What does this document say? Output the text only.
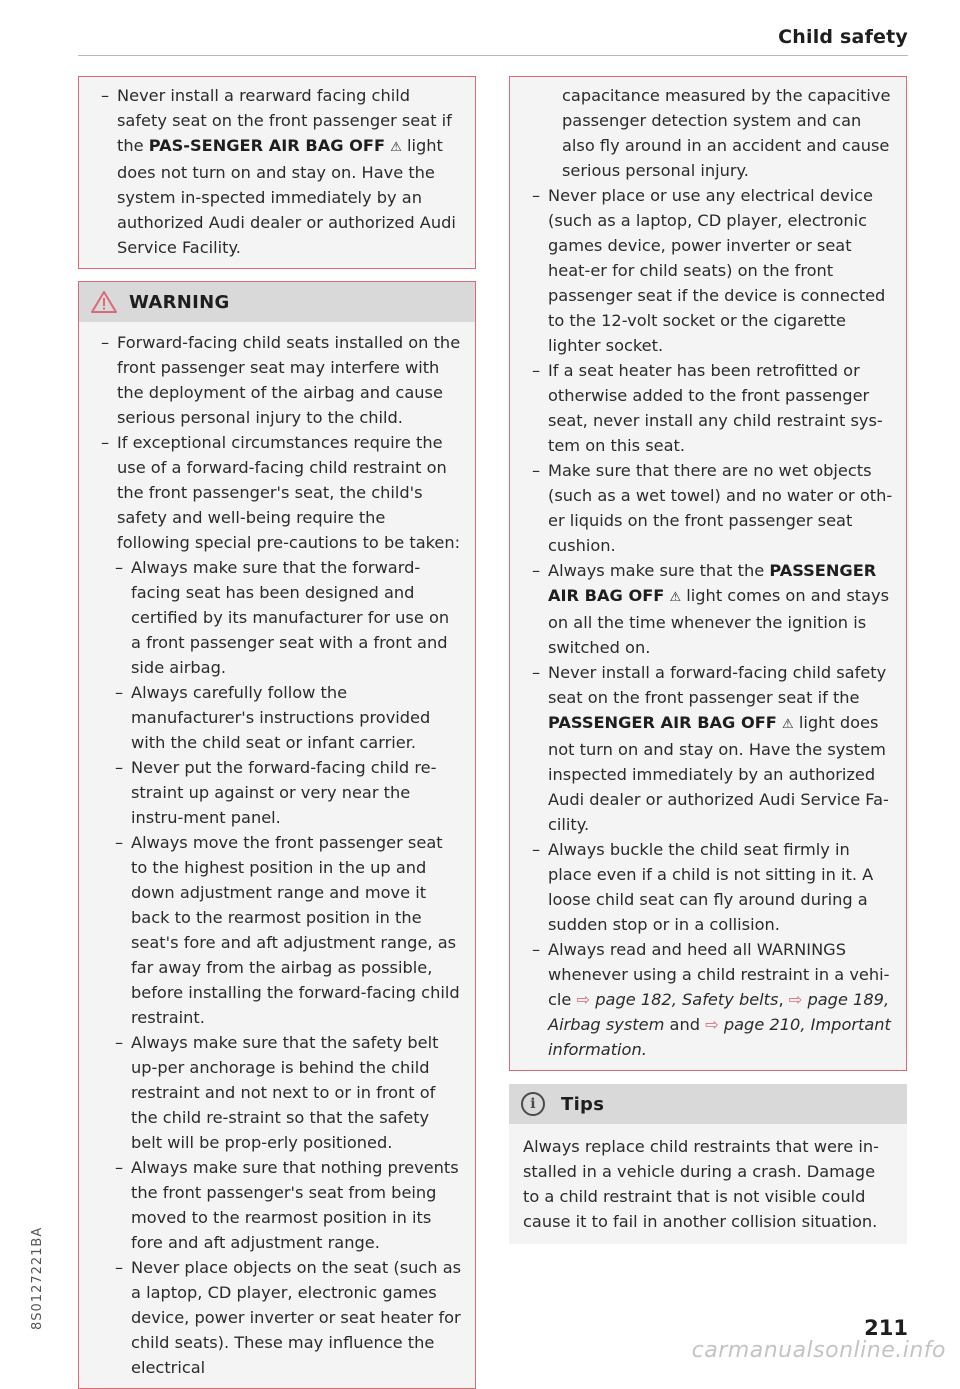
Child safety
– Never install a rearward facing child safety seat on the front passenger seat if the PAS-SENGER AIR BAG OFF ⚠ light does not turn on and stay on. Have the system in-spected immediately by an authorized Audi dealer or authorized Audi Service Facility.
WARNING
– Forward-facing child seats installed on the front passenger seat may interfere with the deployment of the airbag and cause serious personal injury to the child.
– If exceptional circumstances require the use of a forward-facing child restraint on the front passenger's seat, the child's safety and well-being require the following special pre-cautions to be taken:
– Always make sure that the forward-facing seat has been designed and certified by its manufacturer for use on a front passenger seat with a front and side airbag.
– Always carefully follow the manufacturer's instructions provided with the child seat or infant carrier.
– Never put the forward-facing child re-straint up against or very near the instru-ment panel.
– Always move the front passenger seat to the highest position in the up and down adjustment range and move it back to the rearmost position in the seat's fore and aft adjustment range, as far away from the airbag as possible, before installing the forward-facing child restraint.
– Always make sure that the safety belt up-per anchorage is behind the child restraint and not next to or in front of the child re-straint so that the safety belt will be prop-erly positioned.
– Always make sure that nothing prevents the front passenger's seat from being moved to the rearmost position in its fore and aft adjustment range.
– Never place objects on the seat (such as a laptop, CD player, electronic games device, power inverter or seat heater for child seats). These may influence the electrical
capacitance measured by the capacitive passenger detection system and can also fly around in an accident and cause serious personal injury.
– Never place or use any electrical device (such as a laptop, CD player, electronic games device, power inverter or seat heat-er for child seats) on the front passenger seat if the device is connected to the 12-volt socket or the cigarette lighter socket.
– If a seat heater has been retrofitted or otherwise added to the front passenger seat, never install any child restraint sys-tem on this seat.
– Make sure that there are no wet objects (such as a wet towel) and no water or oth-er liquids on the front passenger seat cushion.
– Always make sure that the PASSENGER AIR BAG OFF ⚠ light comes on and stays on all the time whenever the ignition is switched on.
– Never install a forward-facing child safety seat on the front passenger seat if the PASSENGER AIR BAG OFF ⚠ light does not turn on and stay on. Have the system inspected immediately by an authorized Audi dealer or authorized Audi Service Fa-cility.
– Always buckle the child seat firmly in place even if a child is not sitting in it. A loose child seat can fly around during a sudden stop or in a collision.
– Always read and heed all WARNINGS whenever using a child restraint in a vehi-cle ⇨ page 182, Safety belts, ⇨ page 189, Airbag system and ⇨ page 210, Important information.
i	Tips
Always replace child restraints that were in-stalled in a vehicle during a crash. Damage to a child restraint that is not visible could cause it to fail in another collision situation.
8S0127221BA	211
carmanualsonline.info
